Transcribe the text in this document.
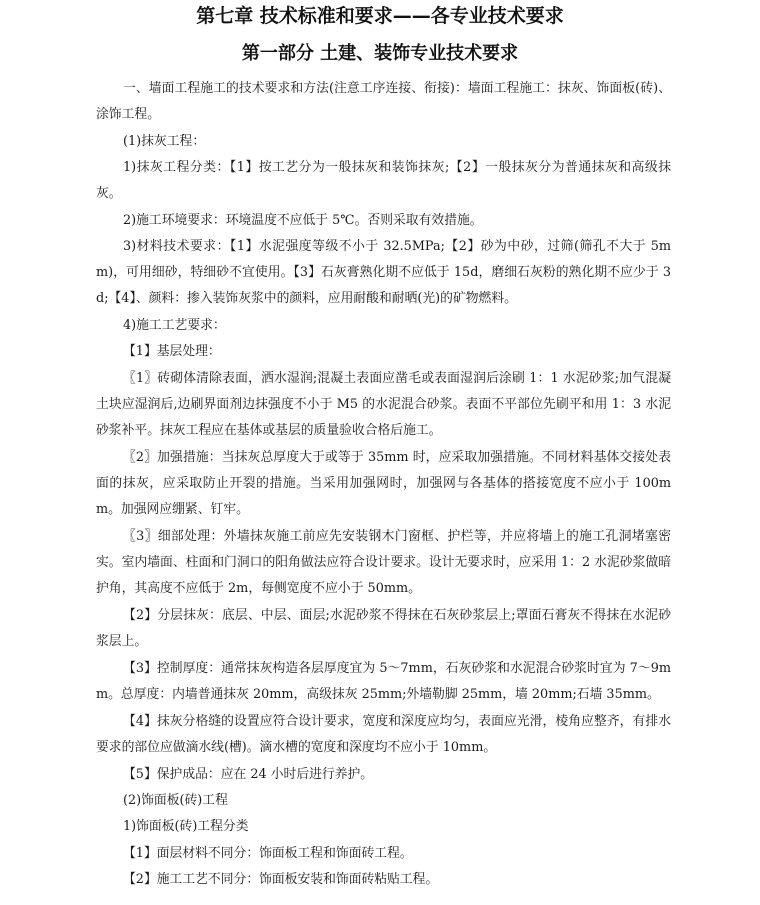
第七章 技术标准和要求——各专业技术要求
第一部分 土建、装饰专业技术要求

一、墙面工程施工的技术要求和方法(注意工序连接、衔接)：墙面工程施工：抹灰、饰面板(砖)、涂饰工程。

(1)抹灰工程：

1)抹灰工程分类：【1】按工艺分为一般抹灰和装饰抹灰;【2】一般抹灰分为普通抹灰和高级抹灰。

2)施工环境要求：环境温度不应低于 5℃。否则采取有效措施。

3)材料技术要求：【1】水泥强度等级不小于 32.5MPa;【2】砂为中砂，过筛(筛孔不大于 5mm)，可用细砂，特细砂不宜使用。【3】石灰膏熟化期不应低于 15d，磨细石灰粉的熟化期不应少于 3d;【4】、颜料：掺入装饰灰浆中的颜料，应用耐酸和耐晒(光)的矿物燃料。

4)施工工艺要求：

【1】基层处理：

〖1〗砖砌体清除表面，洒水湿润;混凝土表面应凿毛或表面湿润后涂刷 1：1 水泥砂浆;加气混凝土块应湿润后,边刷界面剂边抹强度不小于 M5 的水泥混合砂浆。表面不平部位先刷平和用 1：3 水泥砂浆补平。抹灰工程应在基体或基层的质量验收合格后施工。

〖2〗加强措施：当抹灰总厚度大于或等于 35mm 时，应采取加强措施。不同材料基体交接处表面的抹灰，应采取防止开裂的措施。当采用加强网时，加强网与各基体的搭接宽度不应小于 100mm。加强网应绷紧、钉牢。

〖3〗细部处理：外墙抹灰施工前应先安装钢木门窗框、护栏等，并应将墙上的施工孔洞堵塞密实。室内墙面、柱面和门洞口的阳角做法应符合设计要求。设计无要求时，应采用 1：2 水泥砂浆做暗护角，其高度不应低于 2m，每侧宽度不应小于 50mm。

【2】分层抹灰：底层、中层、面层;水泥砂浆不得抹在石灰砂浆层上;罩面石膏灰不得抹在水泥砂浆层上。

【3】控制厚度：通常抹灰构造各层厚度宜为 5～7mm，石灰砂浆和水泥混合砂浆时宜为 7～9mm。总厚度：内墙普通抹灰 20mm，高级抹灰 25mm;外墙勒脚 25mm，墙 20mm;石墙 35mm。

【4】抹灰分格缝的设置应符合设计要求，宽度和深度应均匀，表面应光滑，棱角应整齐，有排水要求的部位应做滴水线(槽)。滴水槽的宽度和深度均不应小于 10mm。

【5】保护成品：应在 24 小时后进行养护。

(2)饰面板(砖)工程

1)饰面板(砖)工程分类

【1】面层材料不同分：饰面板工程和饰面砖工程。

【2】施工工艺不同分：饰面板安装和饰面砖粘贴工程。
